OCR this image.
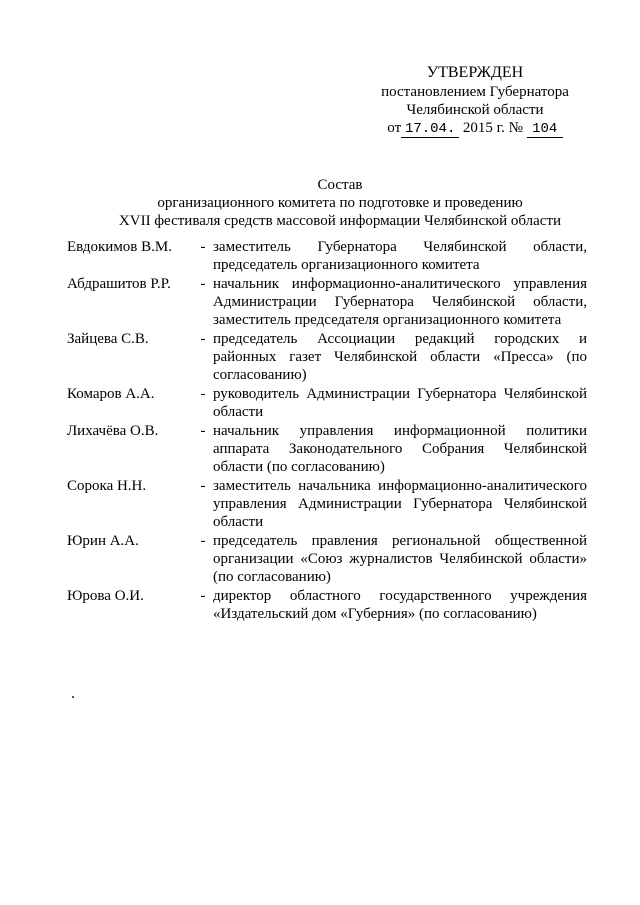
УТВЕРЖДЕН
постановлением Губернатора
Челябинской области
от 17.04. 2015 г. № 104
Состав
организационного комитета по подготовке и проведению
XVII фестиваля средств массовой информации Челябинской области
Евдокимов В.М.	- заместитель Губернатора Челябинской области, председатель организационного комитета
Абдрашитов Р.Р.	- начальник информационно-аналитического управления Администрации Губернатора Челябинской области, заместитель председателя организационного комитета
Зайцева С.В.	- председатель Ассоциации редакций городских и районных газет Челябинской области «Пресса» (по согласованию)
Комаров А.А.	- руководитель Администрации Губернатора Челябинской области
Лихачёва О.В.	- начальник управления информационной политики аппарата Законодательного Собрания Челябинской области (по согласованию)
Сорока Н.Н.	- заместитель начальника информационно-аналитического управления Администрации Губернатора Челябинской области
Юрин А.А.	- председатель правления региональной общественной организации «Союз журналистов Челябинской области» (по согласованию)
Юрова О.И.	- директор областного государственного учреждения «Издательский дом «Губерния» (по согласованию)
